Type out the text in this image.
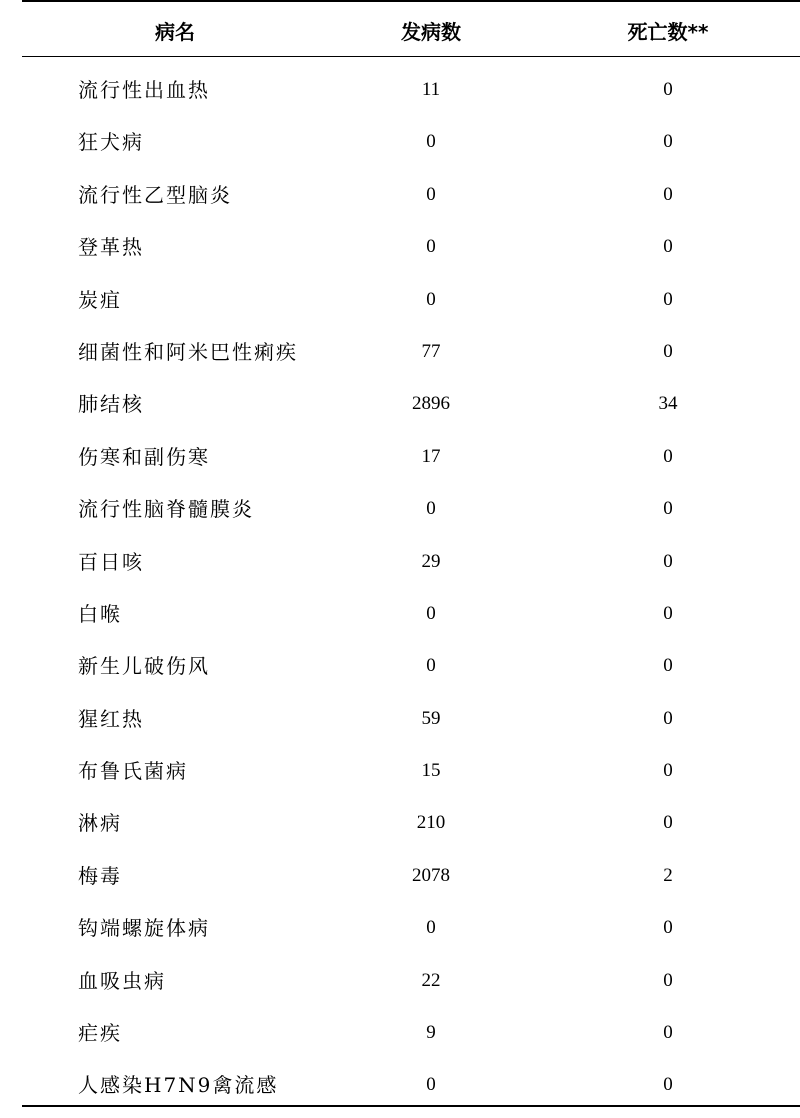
病名	发病数	死亡数**
流行性出血热	11	0
狂犬病	0	0
流行性乙型脑炎	0	0
登革热	0	0
炭疽	0	0
细菌性和阿米巴性痢疾	77	0
肺结核	2896	34
伤寒和副伤寒	17	0
流行性脑脊髓膜炎	0	0
百日咳	29	0
白喉	0	0
新生儿破伤风	0	0
猩红热	59	0
布鲁氏菌病	15	0
淋病	210	0
梅毒	2078	2
钩端螺旋体病	0	0
血吸虫病	22	0
疟疾	9	0
人感染H7N9禽流感	0	0
